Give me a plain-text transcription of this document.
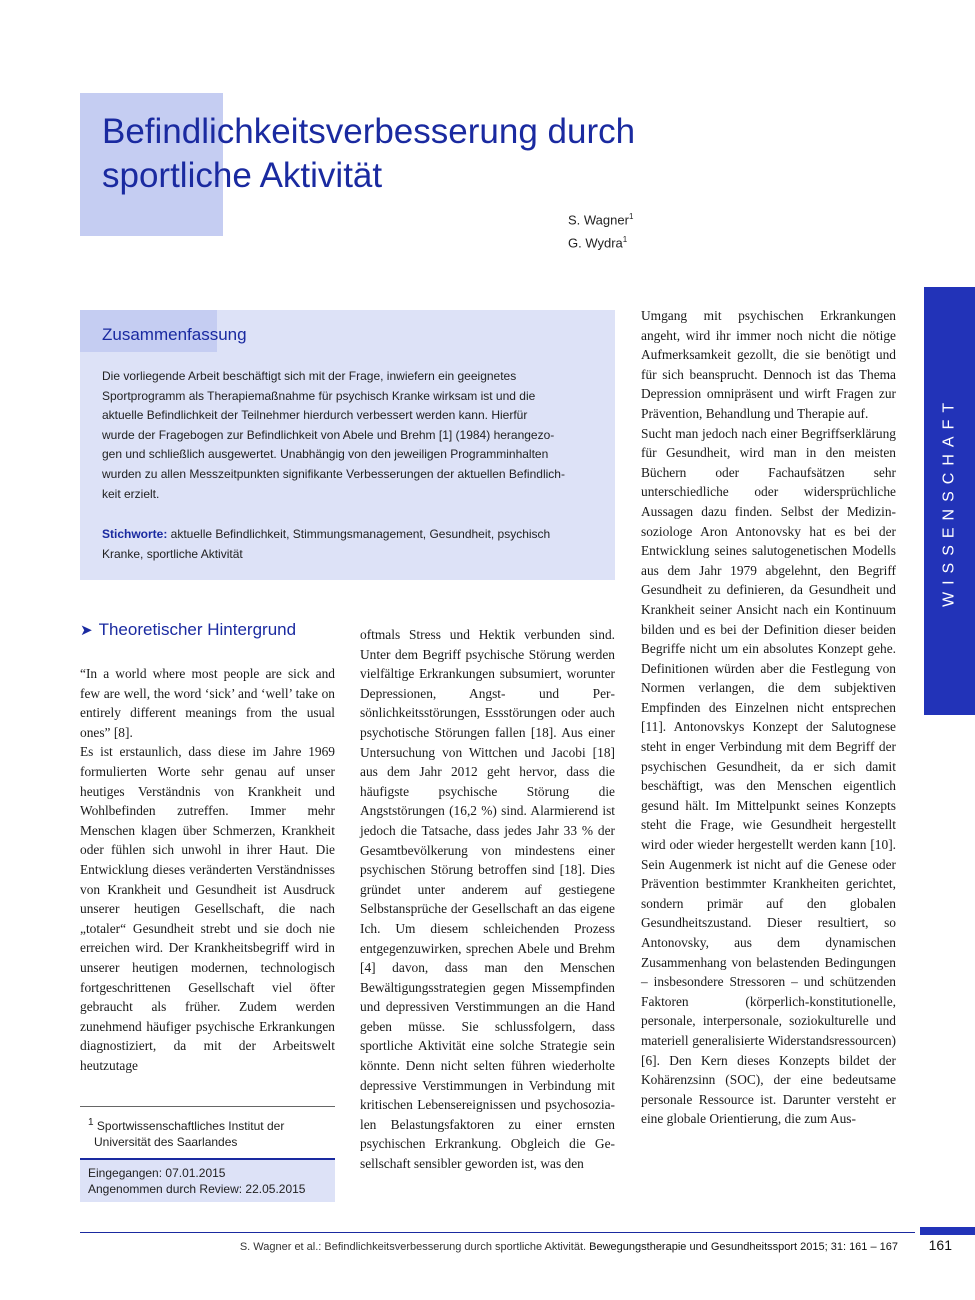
Befindlichkeitsverbesserung durch
sportliche Aktivität
S. Wagner$^1$
G. Wydra$^1$
Zusammenfassung

Die vorliegende Arbeit beschäftigt sich mit der Frage, inwiefern ein geeignetes

Sportprogramm als Therapiemaßnahme für psychisch Kranke wirksam ist und die

aktuelle Befindlichkeit der Teilnehmer hierdurch verbessert werden kann. Hierfür

wurde der Fragebogen zur Befindlichkeit von Abele und Brehm [1] (1984) herangezo-

gen und schließlich ausgewertet. Unabhängig von den jeweiligen Programminhalten

wurden zu allen Messzeitpunkten signifikante Verbesserungen der aktuellen Befindlich-

keit erzielt.

Stichworte: aktuelle Befindlichkeit, Stimmungsmanagement, Gesundheit, psychisch
Kranke, sportliche Aktivität
➤ Theoretischer Hintergrund

“In a world where most people are sick and few are well, the word ‘sick’ and ‘well’ take on entirely different meanings from the usual ones” [8].

Es ist erstaunlich, dass diese im Jahre 1969 formulierten Worte sehr genau auf unser heutiges Verständnis von Krankheit und Wohlbefinden zutreffen. Immer mehr Menschen klagen über Schmerzen, Krankheit oder fühlen sich unwohl in ihrer Haut. Die Entwicklung dieses veränderten Verständnisses von Krankheit und Gesundheit ist Ausdruck unserer heutigen Gesellschaft, die nach „totaler“ Gesundheit strebt und sie doch nie erreichen wird. Der Krankheitsbegriff wird in unserer heutigen modernen, technologisch fortgeschrittenen Gesellschaft viel öfter gebraucht als früher. Zudem werden zunehmend häufiger psychische Erkrankungen diagnostiziert, da mit der Arbeitswelt heutzutage

oftmals Stress und Hektik verbunden sind. Unter dem Begriff psychische Störung werden vielfältige Erkrankungen subsumiert, worunter Depressionen, Angst- und Persönlichkeitsstörungen, Essstörungen oder auch psychotische Störungen fallen [18]. Aus einer Untersuchung von Wittchen und Jacobi [18] aus dem Jahr 2012 geht hervor, dass die häufigste psychische Störung die Angststörungen (16,2 %) sind. Alarmierend ist jedoch die Tatsache, dass jedes Jahr 33 % der Gesamtbevölkerung von mindestens einer psychischen Störung betroffen sind [18]. Dies gründet unter anderem auf gestiegene Selbstansprüche der Gesellschaft an das eigene Ich. Um diesem schleichenden Prozess entgegenzuwirken, sprechen Abele und Brehm [4] davon, dass man den Menschen Bewältigungsstrategien gegen Missempfinden und depressiven Verstimmungen an die Hand geben müsse. Sie schlussfolgern, dass sportliche Aktivität eine solche Strategie sein könnte. Denn nicht selten führen wiederholte depressive Verstimmungen in Verbindung mit kritischen Lebensereignissen und psychosozialen Belastungsfaktoren zu einer ernsten psychischen Erkrankung. Obgleich die Gesellschaft sensibler geworden ist, was den

Umgang mit psychischen Erkrankungen angeht, wird ihr immer noch nicht die nötige Aufmerksamkeit gezollt, die sie benötigt und für sich beansprucht. Dennoch ist das Thema Depression omnipräsent und wirft Fragen zur Prävention, Behandlung und Therapie auf.

Sucht man jedoch nach einer Begriffserklärung für Gesundheit, wird man in den meisten Büchern oder Fachaufsätzen sehr unterschiedliche oder widersprüchliche Aussagen dazu finden. Selbst der Medizinsoziologe Aron Antonovsky hat es bei der Entwicklung seines salutogenetischen Modells aus dem Jahr 1979 abgelehnt, den Begriff Gesundheit zu definieren, da Gesundheit und Krankheit seiner Ansicht nach ein Kontinuum bilden und es bei der Definition dieser beiden Begriffe nicht um ein absolutes Konzept gehe. Definitionen würden aber die Festlegung von Normen verlangen, die dem subjektiven Empfinden des Einzelnen nicht entsprechen [11]. Antonovskys Konzept der Salutognese steht in enger Verbindung mit dem Begriff der psychischen Gesundheit, da er sich damit beschäftigt, was den Menschen eigentlich gesund hält. Im Mittelpunkt seines Konzepts steht die Frage, wie Gesundheit hergestellt wird oder wieder hergestellt werden kann [10]. Sein Augenmerk ist nicht auf die Genese oder Prävention bestimmter Krankheiten gerichtet, sondern primär auf den globalen Gesundheitszustand. Dieser resultiert, so Antonovsky, aus dem dynamischen Zusammenhang von belastenden Bedingungen – insbesondere Stressoren – und schützenden Faktoren (körperlich-konstitutionelle, personale, interpersonale, soziokulturelle und materiell generalisierte Widerstandsressourcen) [6]. Den Kern dieses Konzepts bildet der Kohärenzsinn (SOC), der eine bedeutsame personale Ressource ist. Darunter versteht er eine globale Orientierung, die zum Aus-

$^1$ Sportwissenschaftliches Institut der
Universität des Saarlandes
Eingegangen: 07.01.2015
Angenommen durch Review: 22.05.2015
WISSENSCHAFT
S. Wagner et al.: Befindlichkeitsverbesserung durch sportliche Aktivität. Bewegungstherapie und Gesundheitssport 2015; 31: 161 – 167	161
